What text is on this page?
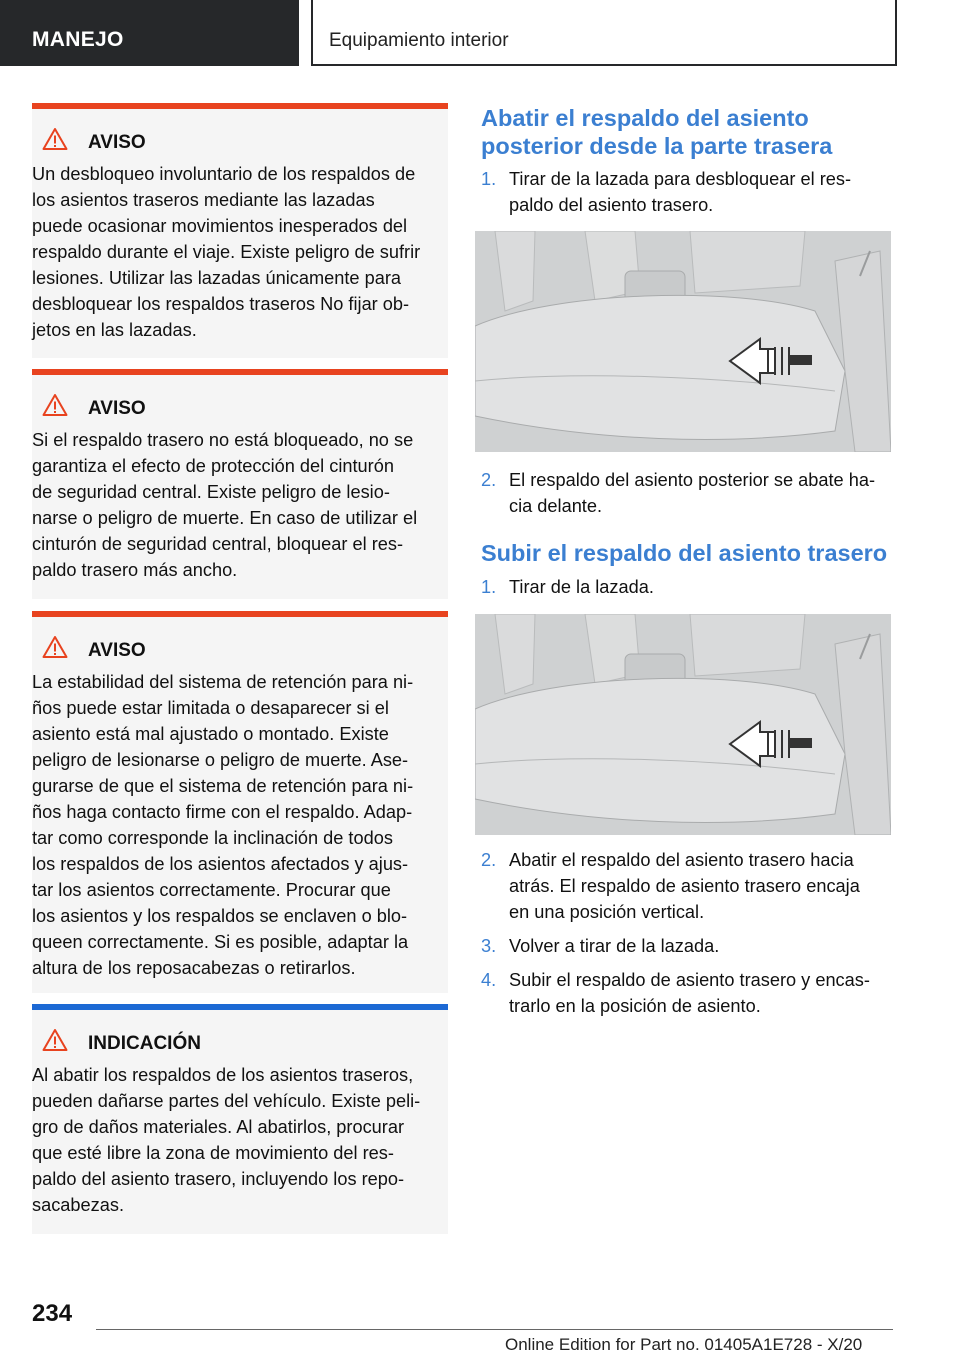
MANEJO	Equipamiento interior
AVISO
Un desbloqueo involuntario de los respaldos de
los asientos traseros mediante las lazadas
puede ocasionar movimientos inesperados del
respaldo durante el viaje. Existe peligro de sufrir
lesiones. Utilizar las lazadas únicamente para
desbloquear los respaldos traseros No fijar ob-
jetos en las lazadas.
AVISO
Si el respaldo trasero no está bloqueado, no se
garantiza el efecto de protección del cinturón
de seguridad central. Existe peligro de lesio-
narse o peligro de muerte. En caso de utilizar el
cinturón de seguridad central, bloquear el res-
paldo trasero más ancho.
AVISO
La estabilidad del sistema de retención para ni-
ños puede estar limitada o desaparecer si el
asiento está mal ajustado o montado. Existe
peligro de lesionarse o peligro de muerte. Ase-
gurarse de que el sistema de retención para ni-
ños haga contacto firme con el respaldo. Adap-
tar como corresponde la inclinación de todos
los respaldos de los asientos afectados y ajus-
tar los asientos correctamente. Procurar que
los asientos y los respaldos se enclaven o blo-
queen correctamente. Si es posible, adaptar la
altura de los reposacabezas o retirarlos.
INDICACIÓN
Al abatir los respaldos de los asientos traseros,
pueden dañarse partes del vehículo. Existe peli-
gro de daños materiales. Al abatirlos, procurar
que esté libre la zona de movimiento del res-
paldo del asiento trasero, incluyendo los repo-
sacabezas.
Abatir el respaldo del asiento
posterior desde la parte trasera
1. Tirar de la lazada para desbloquear el res-
paldo del asiento trasero.
2. El respaldo del asiento posterior se abate ha-
cia delante.
Subir el respaldo del asiento trasero
1. Tirar de la lazada.
2. Abatir el respaldo del asiento trasero hacia
atrás. El respaldo de asiento trasero encaja
en una posición vertical.
3. Volver a tirar de la lazada.
4. Subir el respaldo de asiento trasero y encas-
trarlo en la posición de asiento.
234
Online Edition for Part no. 01405A1E728 - X/20
